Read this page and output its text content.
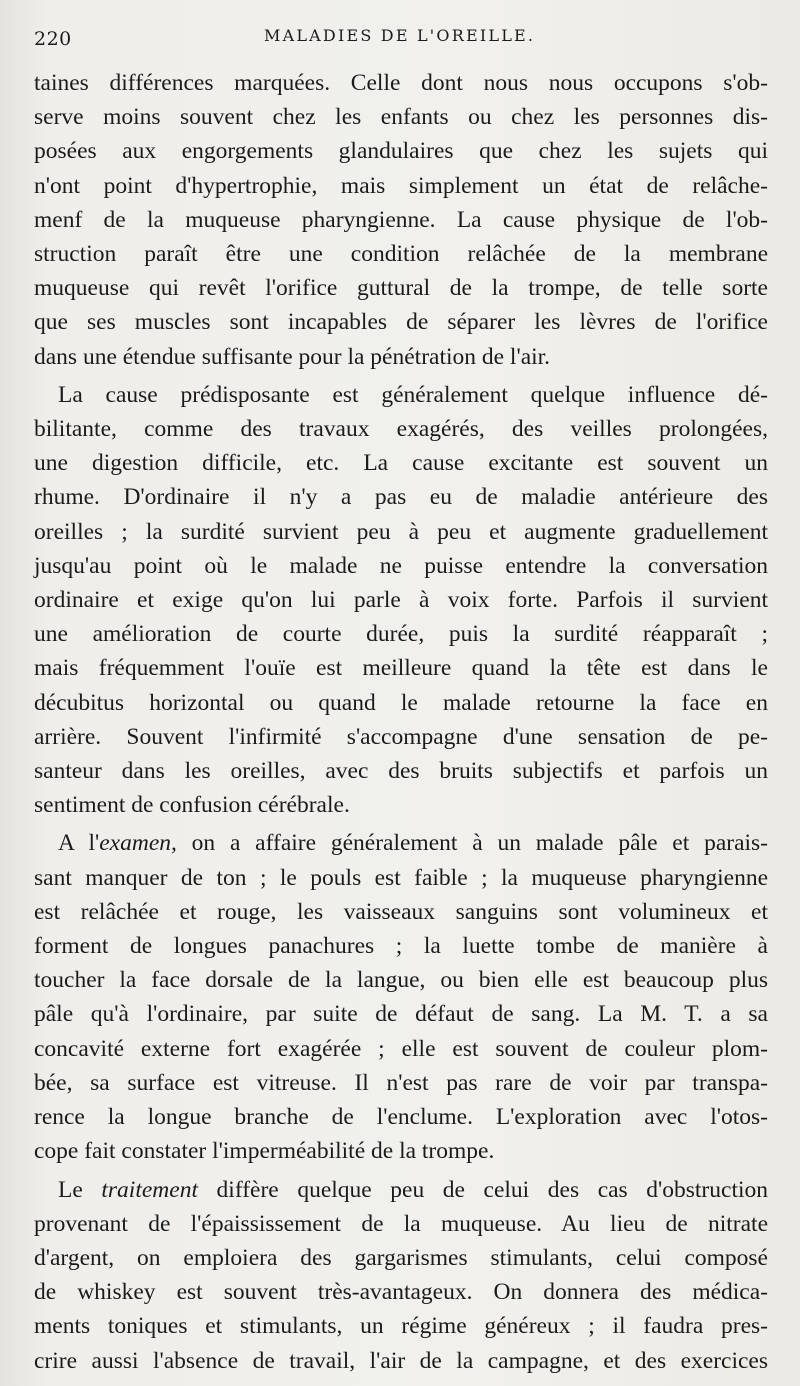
220	MALADIES DE L'OREILLE.
taines différences marquées. Celle dont nous nous occupons s'ob-
serve moins souvent chez les enfants ou chez les personnes dis-
posées aux engorgements glandulaires que chez les sujets qui
n'ont point d'hypertrophie, mais simplement un état de relâche-
menf de la muqueuse pharyngienne. La cause physique de l'ob-
struction paraît être une condition relâchée de la membrane
muqueuse qui revêt l'orifice guttural de la trompe, de telle sorte
que ses muscles sont incapables de séparer les lèvres de l'orifice
dans une étendue suffisante pour la pénétration de l'air.
La cause prédisposante est généralement quelque influence dé-
bilitante, comme des travaux exagérés, des veilles prolongées,
une digestion difficile, etc. La cause excitante est souvent un
rhume. D'ordinaire il n'y a pas eu de maladie antérieure des
oreilles ; la surdité survient peu à peu et augmente graduellement
jusqu'au point où le malade ne puisse entendre la conversation
ordinaire et exige qu'on lui parle à voix forte. Parfois il survient
une amélioration de courte durée, puis la surdité réapparaît ;
mais fréquemment l'ouïe est meilleure quand la tête est dans le
décubitus horizontal ou quand le malade retourne la face en
arrière. Souvent l'infirmité s'accompagne d'une sensation de pe-
santeur dans les oreilles, avec des bruits subjectifs et parfois un
sentiment de confusion cérébrale.
A l'examen, on a affaire généralement à un malade pâle et parais-
sant manquer de ton ; le pouls est faible ; la muqueuse pharyngienne
est relâchée et rouge, les vaisseaux sanguins sont volumineux et
forment de longues panachures ; la luette tombe de manière à
toucher la face dorsale de la langue, ou bien elle est beaucoup plus
pâle qu'à l'ordinaire, par suite de défaut de sang. La M. T. a sa
concavité externe fort exagérée ; elle est souvent de couleur plom-
bée, sa surface est vitreuse. Il n'est pas rare de voir par transpa-
rence la longue branche de l'enclume. L'exploration avec l'otos-
cope fait constater l'imperméabilité de la trompe.
Le traitement diffère quelque peu de celui des cas d'obstruction
provenant de l'épaississement de la muqueuse. Au lieu de nitrate
d'argent, on emploiera des gargarismes stimulants, celui composé
de whiskey est souvent très-avantageux. On donnera des médica-
ments toniques et stimulants, un régime généreux ; il faudra pres-
crire aussi l'absence de travail, l'air de la campagne, et des exercices
